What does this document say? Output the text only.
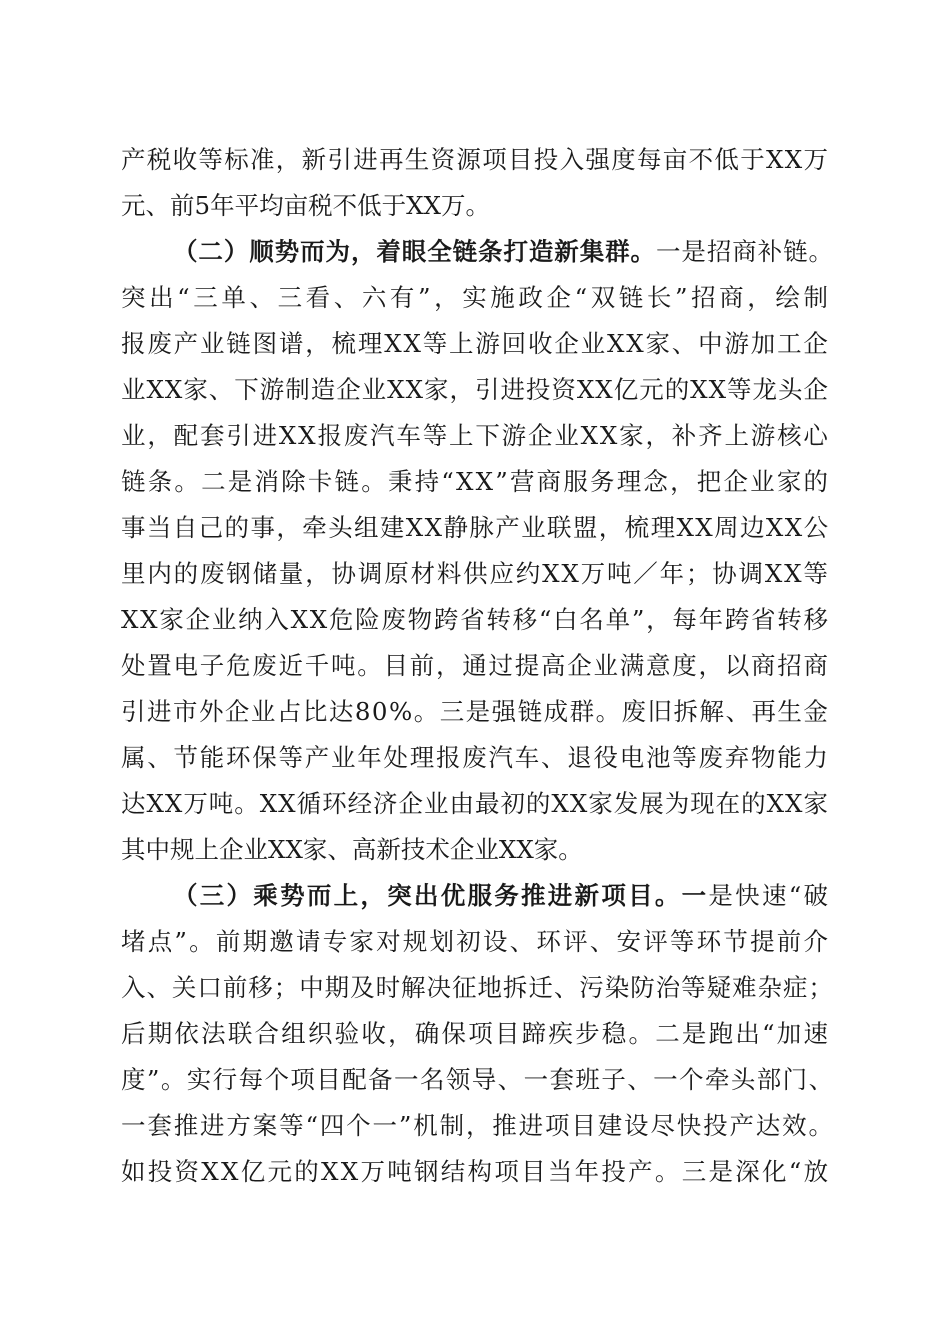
产税收等标准，新引进再生资源项目投入强度每亩不低于XX万
元、前5年平均亩税不低于XX万。
（二）顺势而为，着眼全链条打造新集群。一是招商补链。
突出“三单、三看、六有”，实施政企“双链长”招商，绘制
报废产业链图谱，梳理XX等上游回收企业XX家、中游加工企
业XX家、下游制造企业XX家，引进投资XX亿元的XX等龙头企
业，配套引进XX报废汽车等上下游企业XX家，补齐上游核心
链条。二是消除卡链。秉持“XX”营商服务理念，把企业家的
事当自己的事，牵头组建XX静脉产业联盟，梳理XX周边XX公
里内的废钢储量，协调原材料供应约XX万吨／年；协调XX等
XX家企业纳入XX危险废物跨省转移“白名单”，每年跨省转移
处置电子危废近千吨。目前，通过提高企业满意度，以商招商
引进市外企业占比达80%。三是强链成群。废旧拆解、再生金
属、节能环保等产业年处理报废汽车、退役电池等废弃物能力
达XX万吨。XX循环经济企业由最初的XX家发展为现在的XX家
其中规上企业XX家、高新技术企业XX家。
（三）乘势而上，突出优服务推进新项目。一是快速“破
堵点”。前期邀请专家对规划初设、环评、安评等环节提前介
入、关口前移；中期及时解决征地拆迁、污染防治等疑难杂症；
后期依法联合组织验收，确保项目蹄疾步稳。二是跑出“加速
度”。实行每个项目配备一名领导、一套班子、一个牵头部门、
一套推进方案等“四个一”机制，推进项目建设尽快投产达效。
如投资XX亿元的XX万吨钢结构项目当年投产。三是深化“放
